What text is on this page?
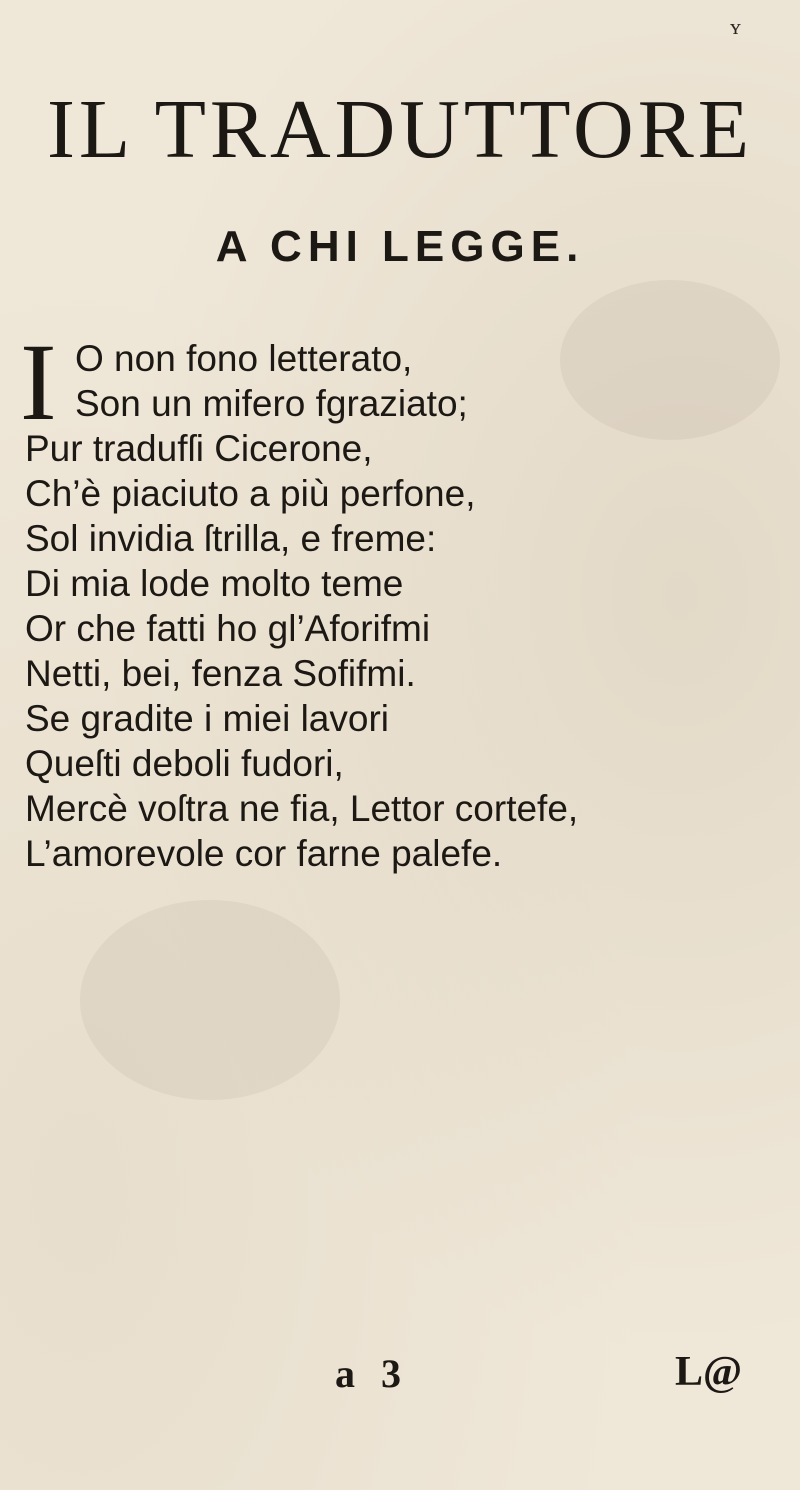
ʏ
IL TRADUTTORE
A CHI LEGGE.
I O non fono letterato,
Son un mifero fgraziato;
Pur tradufſi Cicerone,
Ch’è piaciuto a più perfone,
Sol invidia ſtrilla, e freme:
Di mia lode molto teme
Or che fatti ho gl’Aforifmi
Netti, bei, fenza Sofifmi.
Se gradite i miei lavori
Queſti deboli fudori,
Mercè voſtra ne fia, Lettor cortefe,
L’amorevole cor farne palefe.
a 3	L@
